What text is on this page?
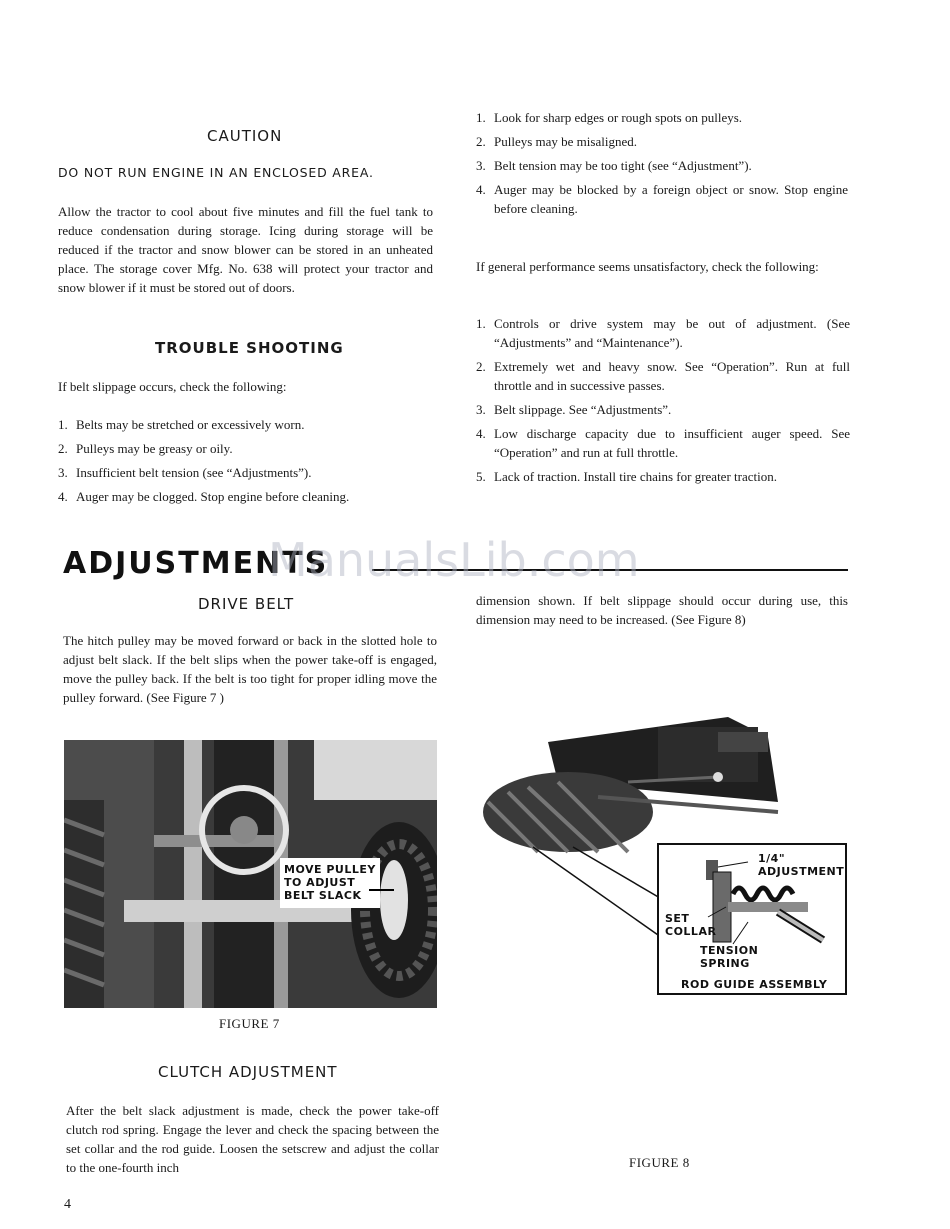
CAUTION
DO NOT RUN ENGINE IN AN ENCLOSED AREA.
Allow the tractor to cool about five minutes and fill the fuel tank to reduce condensation during storage. Icing during storage will be reduced if the tractor and snow blower can be stored in an unheated place. The storage cover Mfg. No. 638 will protect your tractor and snow blower if it must be stored out of doors.
TROUBLE SHOOTING
If belt slippage occurs, check the following:
1. Belts may be stretched or excessively worn.
2. Pulleys may be greasy or oily.
3. Insufficient belt tension (see “Adjustments”).
4. Auger may be clogged. Stop engine before cleaning.
1. Look for sharp edges or rough spots on pulleys.
2. Pulleys may be misaligned.
3. Belt tension may be too tight (see “Adjustment”).
4. Auger may be blocked by a foreign object or snow. Stop engine before cleaning.
If general performance seems unsatisfactory, check the following:
1. Controls or drive system may be out of adjustment. (See “Adjustments” and “Maintenance”).
2. Extremely wet and heavy snow. See “Operation”. Run at full throttle and in successive passes.
3. Belt slippage. See “Adjustments”.
4. Low discharge capacity due to insufficient auger speed. See “Operation” and run at full throttle.
5. Lack of traction. Install tire chains for greater traction.
ADJUSTMENTS
ManualsLib.com
DRIVE BELT
The hitch pulley may be moved forward or back in the slotted hole to adjust belt slack. If the belt slips when the power take-off is engaged, move the pulley back. If the belt is too tight for proper idling move the pulley forward. (See Figure 7 )
dimension shown. If belt slippage should occur during use, this dimension may need to be increased. (See Figure 8)
MOVE PULLEY
TO ADJUST
BELT SLACK
FIGURE 7
CLUTCH ADJUSTMENT
After the belt slack adjustment is made, check the power take-off clutch rod spring. Engage the lever and check the spacing between the set collar and the rod guide. Loosen the setscrew and adjust the collar to the one-fourth inch
1/4"
ADJUSTMENT
SET
COLLAR
TENSION
SPRING
ROD GUIDE ASSEMBLY
FIGURE 8
4
